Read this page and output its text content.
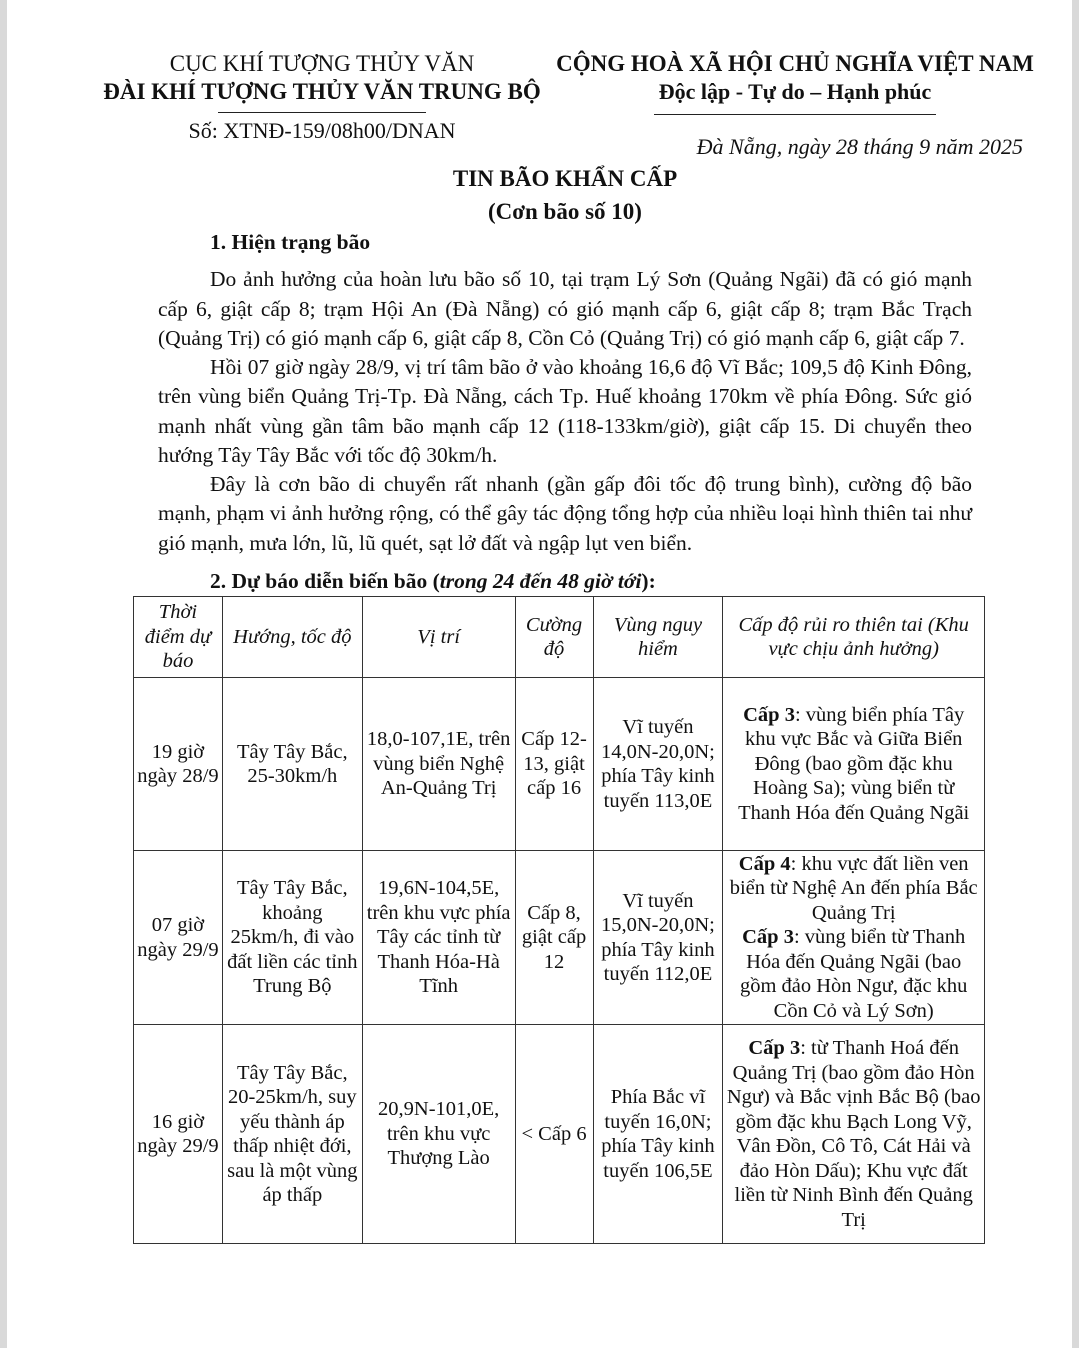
CỤC KHÍ TƯỢNG THỦY VĂN
ĐÀI KHÍ TƯỢNG THỦY VĂN TRUNG BỘ
Số: XTNĐ-159/08h00/DNAN
CỘNG HOÀ XÃ HỘI CHỦ NGHĨA VIỆT NAM
Độc lập - Tự do – Hạnh phúc
Đà Nẵng, ngày 28 tháng 9 năm 2025
TIN BÃO KHẨN CẤP
(Cơn bão số 10)
1. Hiện trạng bão

Do ảnh hưởng của hoàn lưu bão số 10, tại trạm Lý Sơn (Quảng Ngãi) đã có gió mạnh cấp 6, giật cấp 8; trạm Hội An (Đà Nẵng) có gió mạnh cấp 6, giật cấp 8; trạm Bắc Trạch (Quảng Trị) có gió mạnh cấp 6, giật cấp 8, Cồn Cỏ (Quảng Trị) có gió mạnh cấp 6, giật cấp 7.

Hồi 07 giờ ngày 28/9, vị trí tâm bão ở vào khoảng 16,6 độ Vĩ Bắc; 109,5 độ Kinh Đông, trên vùng biển Quảng Trị-Tp. Đà Nẵng, cách Tp. Huế khoảng 170km về phía Đông. Sức gió mạnh nhất vùng gần tâm bão mạnh cấp 12 (118-133km/giờ), giật cấp 15. Di chuyển theo hướng Tây Tây Bắc với tốc độ 30km/h.

Đây là cơn bão di chuyển rất nhanh (gần gấp đôi tốc độ trung bình), cường độ bão mạnh, phạm vi ảnh hưởng rộng, có thể gây tác động tổng hợp của nhiều loại hình thiên tai như gió mạnh, mưa lớn, lũ, lũ quét, sạt lở đất và ngập lụt ven biển.

2. Dự báo diễn biến bão (trong 24 đến 48 giờ tới):
Thời điểm dự báo	Hướng, tốc độ	Vị trí	Cường độ	Vùng nguy hiểm	Cấp độ rủi ro thiên tai (Khu vực chịu ảnh hưởng)
19 giờ ngày 28/9	Tây Tây Bắc, 25-30km/h	18,0-107,1E, trên vùng biển Nghệ An-Quảng Trị	Cấp 12-13, giật cấp 16	Vĩ tuyến 14,0N-20,0N; phía Tây kinh tuyến 113,0E	Cấp 3: vùng biển phía Tây khu vực Bắc và Giữa Biển Đông (bao gồm đặc khu Hoàng Sa); vùng biển từ Thanh Hóa đến Quảng Ngãi
07 giờ ngày 29/9	Tây Tây Bắc, khoảng 25km/h, đi vào đất liền các tỉnh Trung Bộ	19,6N-104,5E, trên khu vực phía Tây các tỉnh từ Thanh Hóa-Hà Tĩnh	Cấp 8, giật cấp 12	Vĩ tuyến 15,0N-20,0N; phía Tây kinh tuyến 112,0E	Cấp 4: khu vực đất liền ven biển từ Nghệ An đến phía Bắc Quảng Trị
Cấp 3: vùng biển từ Thanh Hóa đến Quảng Ngãi (bao gồm đảo Hòn Ngư, đặc khu Cồn Cỏ và Lý Sơn)
16 giờ ngày 29/9	Tây Tây Bắc, 20-25km/h, suy yếu thành áp thấp nhiệt đới, sau là một vùng áp thấp	20,9N-101,0E, trên khu vực Thượng Lào	< Cấp 6	Phía Bắc vĩ tuyến 16,0N; phía Tây kinh tuyến 106,5E	Cấp 3: từ Thanh Hoá đến Quảng Trị (bao gồm đảo Hòn Ngư) và Bắc vịnh Bắc Bộ (bao gồm đặc khu Bạch Long Vỹ, Vân Đồn, Cô Tô, Cát Hải và đảo Hòn Dấu); Khu vực đất liền từ Ninh Bình đến Quảng Trị
